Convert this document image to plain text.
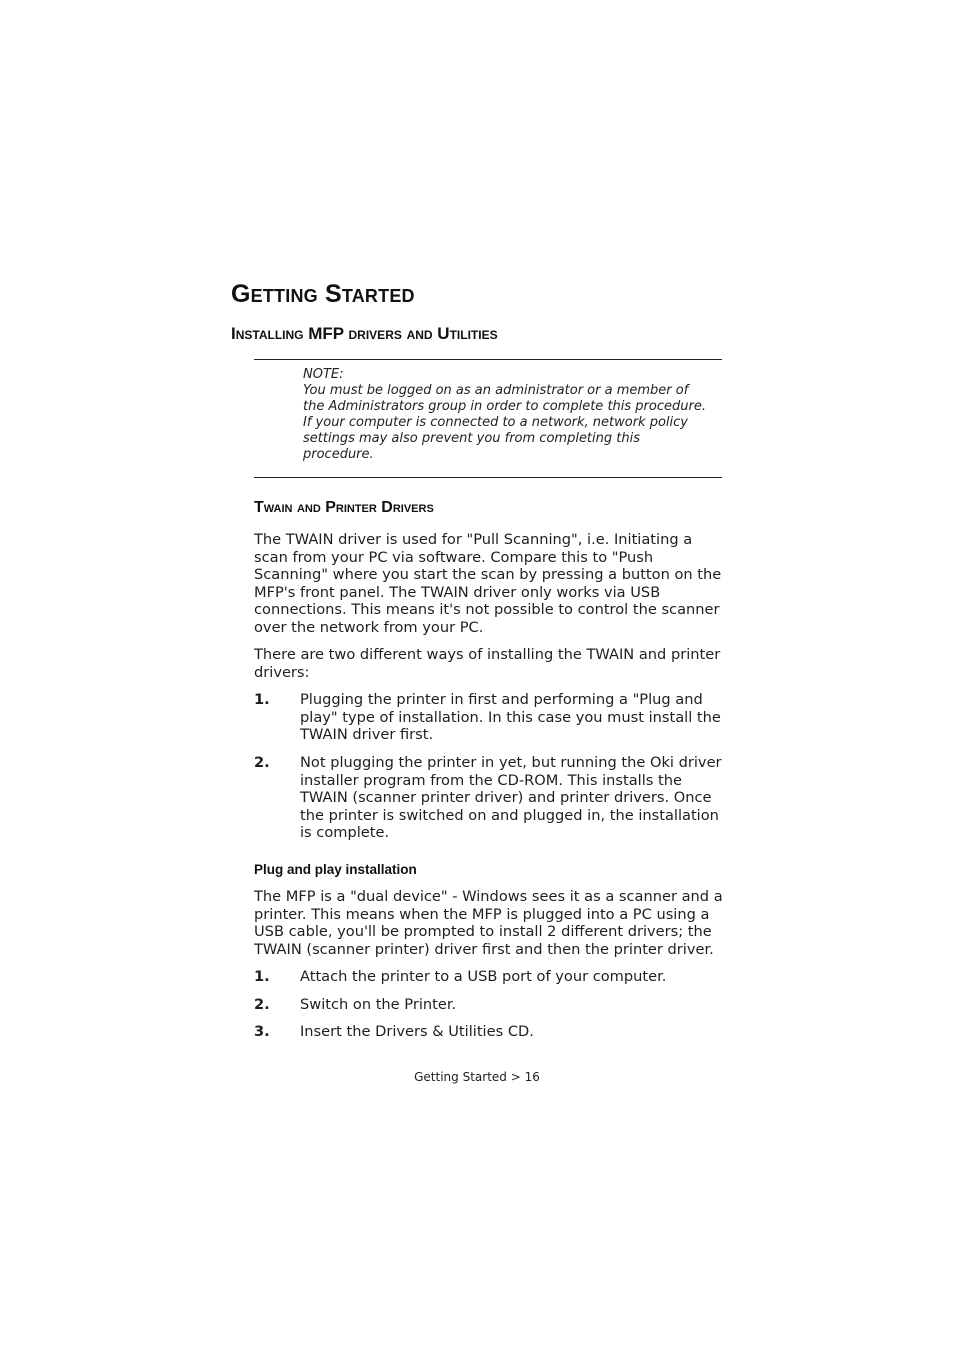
Getting Started
Installing MFP drivers and Utilities

NOTE:

You must be logged on as an administrator or a member of

the Administrators group in order to complete this procedure.

If your computer is connected to a network, network policy

settings may also prevent you from completing this

procedure.

Twain and Printer Drivers

The TWAIN driver is used for "Pull Scanning", i.e. Initiating a scan from your PC via software. Compare this to "Push Scanning" where you start the scan by pressing a button on the MFP's front panel. The TWAIN driver only works via USB connections. This means it's not possible to control the scanner over the network from your PC.

There are two different ways of installing the TWAIN and printer drivers:

1. Plugging the printer in first and performing a "Plug and play" type of installation. In this case you must install the TWAIN driver first.
2. Not plugging the printer in yet, but running the Oki driver installer program from the CD-ROM. This installs the TWAIN (scanner printer driver) and printer drivers. Once the printer is switched on and plugged in, the installation is complete.
Plug and play installation

The MFP is a "dual device" - Windows sees it as a scanner and a printer. This means when the MFP is plugged into a PC using a USB cable, you'll be prompted to install 2 different drivers; the TWAIN (scanner printer) driver first and then the printer driver.

1. Attach the printer to a USB port of your computer.
2. Switch on the Printer.
3. Insert the Drivers & Utilities CD.
Getting Started > 16
